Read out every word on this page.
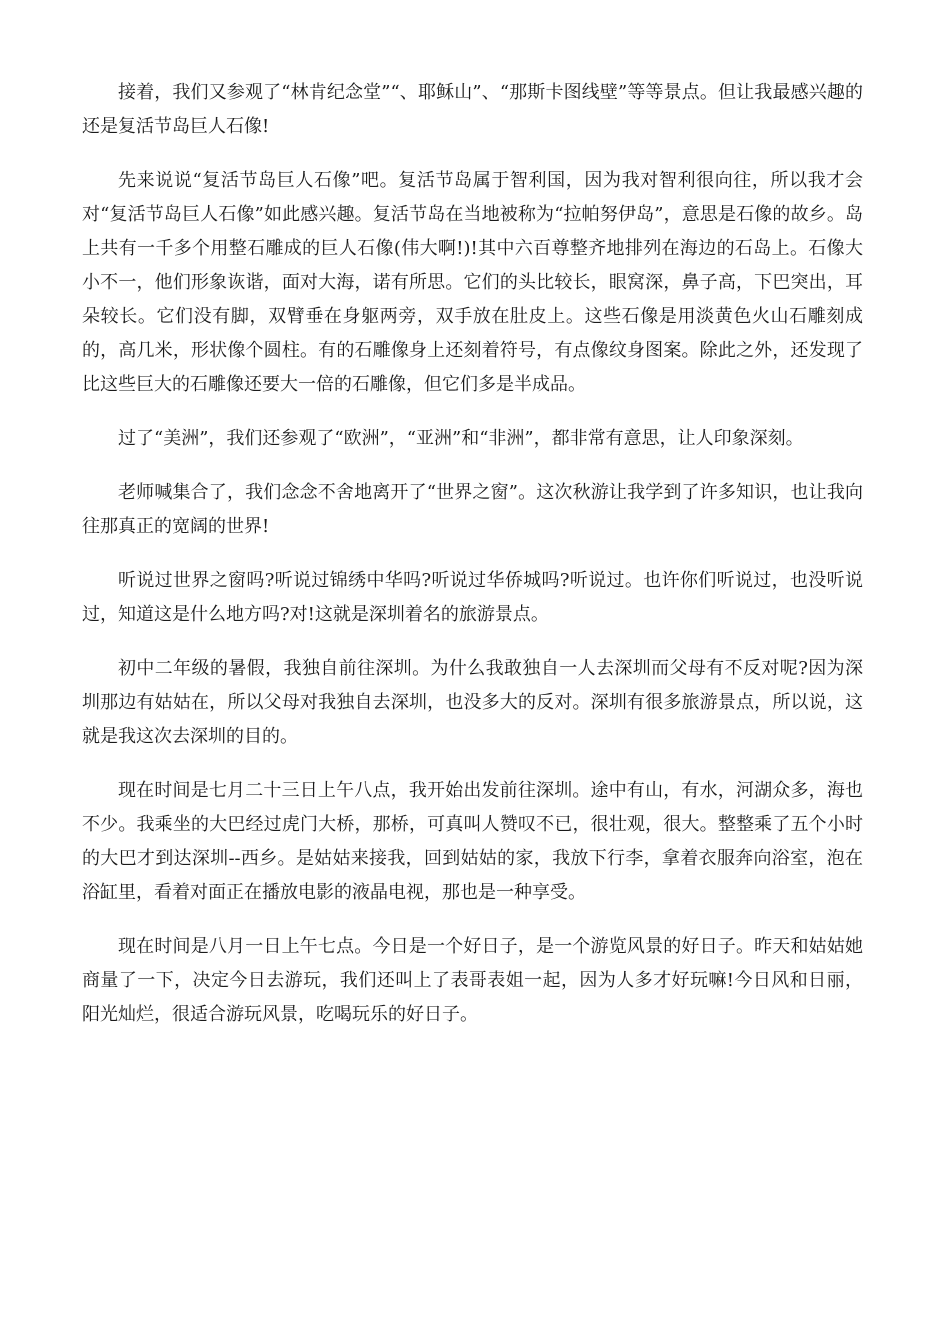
接着，我们又参观了“林肯纪念堂”“、耶稣山”、“那斯卡图线壁”等等景点。但让我最感兴趣的还是复活节岛巨人石像!

先来说说“复活节岛巨人石像”吧。复活节岛属于智利国，因为我对智利很向往，所以我才会对“复活节岛巨人石像”如此感兴趣。复活节岛在当地被称为“拉帕努伊岛”，意思是石像的故乡。岛上共有一千多个用整石雕成的巨人石像(伟大啊!)!其中六百尊整齐地排列在海边的石岛上。石像大小不一，他们形象诙谐，面对大海，诺有所思。它们的头比较长，眼窝深，鼻子高，下巴突出，耳朵较长。它们没有脚，双臂垂在身躯两旁，双手放在肚皮上。这些石像是用淡黄色火山石雕刻成的，高几米，形状像个圆柱。有的石雕像身上还刻着符号，有点像纹身图案。除此之外，还发现了比这些巨大的石雕像还要大一倍的石雕像，但它们多是半成品。

过了“美洲”，我们还参观了“欧洲”，“亚洲”和“非洲”，都非常有意思，让人印象深刻。

老师喊集合了，我们念念不舍地离开了“世界之窗”。这次秋游让我学到了许多知识，也让我向往那真正的宽阔的世界!

听说过世界之窗吗?听说过锦绣中华吗?听说过华侨城吗?听说过。也许你们听说过，也没听说过，知道这是什么地方吗?对!这就是深圳着名的旅游景点。

初中二年级的暑假，我独自前往深圳。为什么我敢独自一人去深圳而父母有不反对呢?因为深圳那边有姑姑在，所以父母对我独自去深圳，也没多大的反对。深圳有很多旅游景点，所以说，这就是我这次去深圳的目的。

现在时间是七月二十三日上午八点，我开始出发前往深圳。途中有山，有水，河湖众多，海也不少。我乘坐的大巴经过虎门大桥，那桥，可真叫人赞叹不已，很壮观，很大。整整乘了五个小时的大巴才到达深圳--西乡。是姑姑来接我，回到姑姑的家，我放下行李，拿着衣服奔向浴室，泡在浴缸里，看着对面正在播放电影的液晶电视，那也是一种享受。

现在时间是八月一日上午七点。今日是一个好日子，是一个游览风景的好日子。昨天和姑姑她商量了一下，决定今日去游玩，我们还叫上了表哥表姐一起，因为人多才好玩嘛!今日风和日丽，阳光灿烂，很适合游玩风景，吃喝玩乐的好日子。
